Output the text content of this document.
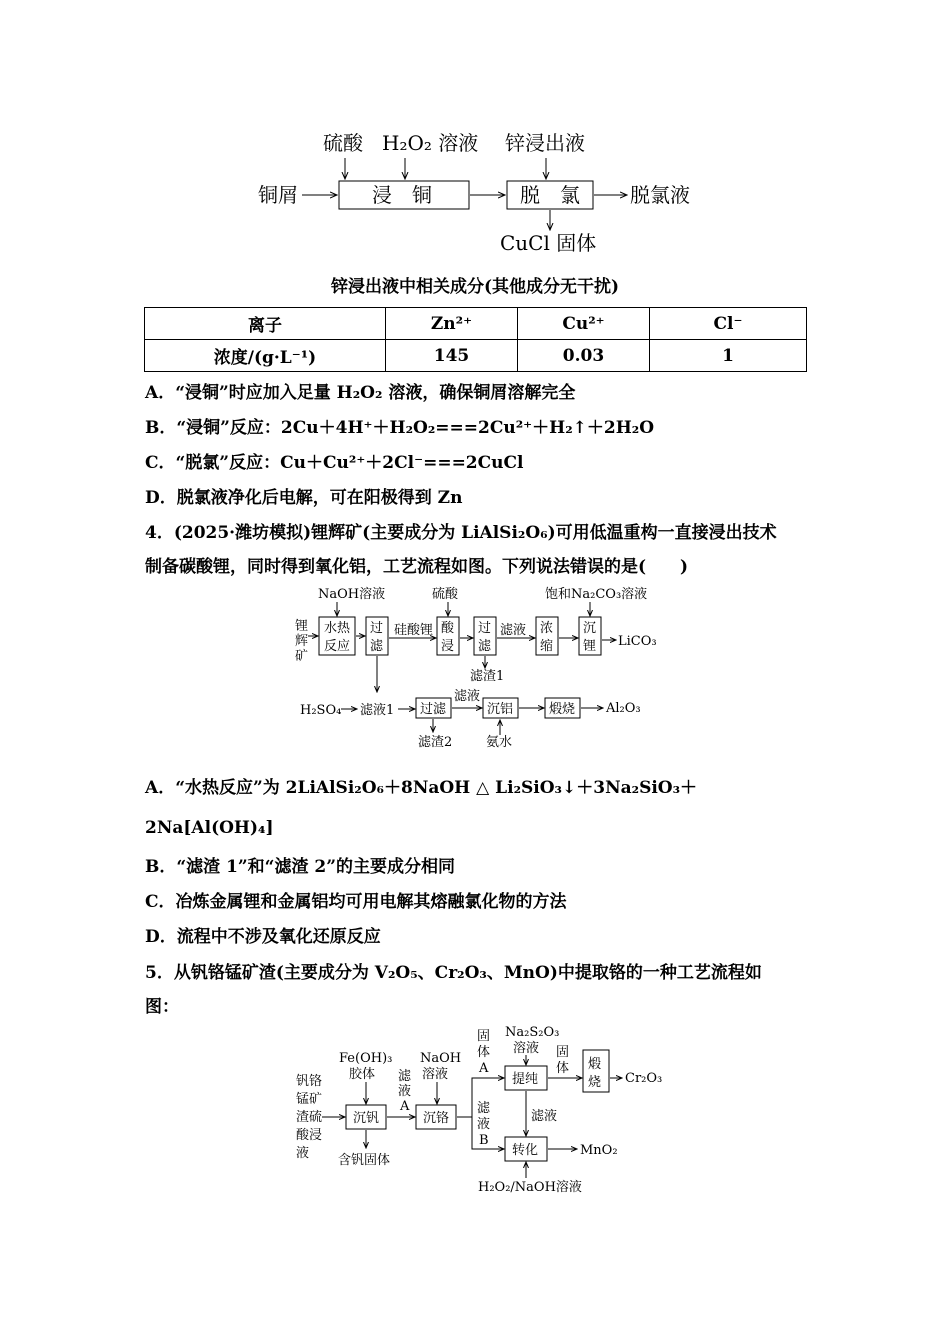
硫酸 H₂O₂ 溶液 锌浸出液
铜屑	浸　铜	脱　氯	脱氯液
CuCl 固体
锌浸出液中相关成分(其他成分无干扰)
离子	Zn²⁺	Cu²⁺	Cl⁻
浓度/(g·L⁻¹)	145	0.03	1
A．“浸铜”时应加入足量 H₂O₂ 溶液，确保铜屑溶解完全
B．“浸铜”反应：2Cu＋4H⁺＋H₂O₂===2Cu²⁺＋H₂↑＋2H₂O
C．“脱氯”反应：Cu＋Cu²⁺＋2Cl⁻===2CuCl
D．脱氯液净化后电解，可在阳极得到 Zn
4．(2025·潍坊模拟)锂辉矿(主要成分为 LiAlSi₂O₆)可用低温重构一直接浸出技术
制备碳酸锂，同时得到氧化铝，工艺流程如图。下列说法错误的是(　　)
NaOH溶液	硫酸	饱和Na₂CO₃溶液
锂
辉
矿
水热
反应
过
滤
硅酸锂 酸
浸
过
滤
滤液 浓
缩
沉
锂 LiCO₃
滤渣1
H₂SO₄ 滤液1 过滤
滤液
沉铝	煅烧 Al₂O₃
滤渣2	氨水
A．“水热反应”为 2LiAlSi₂O₆＋8NaOH △ Li₂SiO₃↓＋3Na₂SiO₃＋
2Na[Al(OH)₄]
B．“滤渣 1”和“滤渣 2”的主要成分相同
C．冶炼金属锂和金属铝均可用电解其熔融氯化物的方法
D．流程中不涉及氧化还原反应
5．从钒铬锰矿渣(主要成分为 V₂O₅、Cr₂O₃、MnO)中提取铬的一种工艺流程如
图：
钒铬
锰矿
渣硫
酸浸
液
Fe(OH)₃
胶体
NaOH
溶液
沉钒	沉铬
含钒固体
滤
液
A
固
体
A
滤
液
B
Na₂S₂O₃
溶液
提纯
固
体 煅
烧 Cr₂O₃
滤液
转化	MnO₂
H₂O₂/NaOH溶液
